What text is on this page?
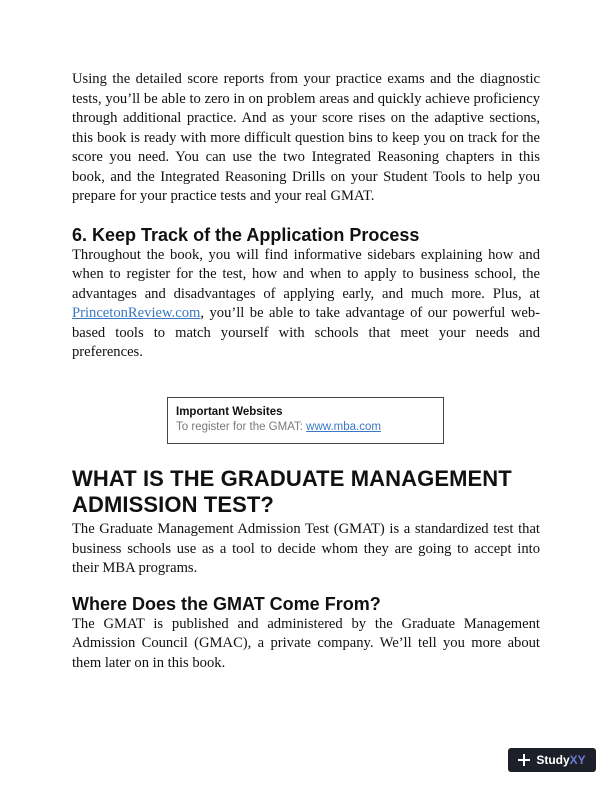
Using the detailed score reports from your practice exams and the diagnostic tests, you’ll be able to zero in on problem areas and quickly achieve proficiency through additional practice. And as your score rises on the adaptive sections, this book is ready with more difficult question bins to keep you on track for the score you need. You can use the two Integrated Reasoning chapters in this book, and the Integrated Reasoning Drills on your Student Tools to help you prepare for your practice tests and your real GMAT.

6. Keep Track of the Application Process

Throughout the book, you will find informative sidebars explaining how and when to register for the test, how and when to apply to business school, the advantages and disadvantages of applying early, and much more. Plus, at PrincetonReview.com, you’ll be able to take advantage of our powerful web-based tools to match yourself with schools that meet your needs and preferences.

Important Websites
To register for the GMAT: www.mba.com
WHAT IS THE GRADUATE MANAGEMENT
ADMISSION TEST?

The Graduate Management Admission Test (GMAT) is a standardized test that business schools use as a tool to decide whom they are going to accept into their MBA programs.

Where Does the GMAT Come From?

The GMAT is published and administered by the Graduate Management Admission Council (GMAC), a private company. We’ll tell you more about them later on in this book.

StudyXY
